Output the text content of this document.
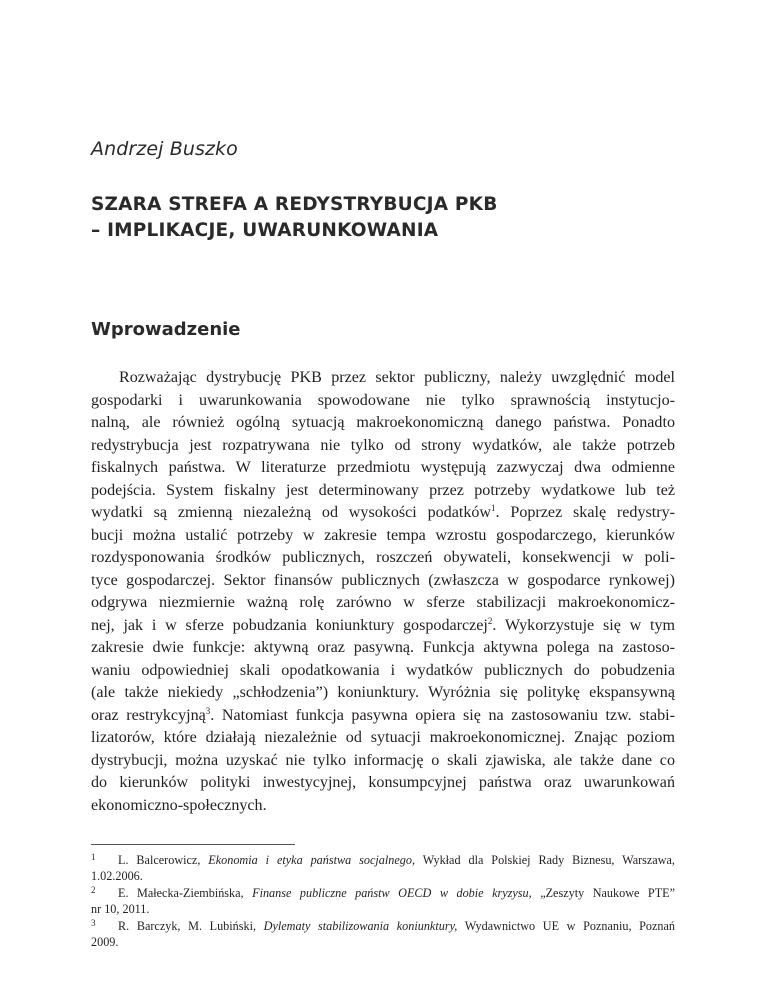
Andrzej Buszko
SZARA STREFA A REDYSTRYBUCJA PKB
– IMPLIKACJE, UWARUNKOWANIA
Wprowadzenie
Rozważając dystrybucję PKB przez sektor publiczny, należy uwzględnić model
gospodarki i uwarunkowania spowodowane nie tylko sprawnością instytucjo-
nalną, ale również ogólną sytuacją makroekonomiczną danego państwa. Ponadto
redystrybucja jest rozpatrywana nie tylko od strony wydatków, ale także potrzeb
fiskalnych państwa. W literaturze przedmiotu występują zazwyczaj dwa odmienne
podejścia. System fiskalny jest determinowany przez potrzeby wydatkowe lub też
wydatki są zmienną niezależną od wysokości podatków$^1$. Poprzez skalę redystry-
bucji można ustalić potrzeby w zakresie tempa wzrostu gospodarczego, kierunków
rozdysponowania środków publicznych, roszczeń obywateli, konsekwencji w poli-
tyce gospodarczej. Sektor finansów publicznych (zwłaszcza w gospodarce rynkowej)
odgrywa niezmiernie ważną rolę zarówno w sferze stabilizacji makroekonomicz-
nej, jak i w sferze pobudzania koniunktury gospodarczej$^2$. Wykorzystuje się w tym
zakresie dwie funkcje: aktywną oraz pasywną. Funkcja aktywna polega na zastoso-
waniu odpowiedniej skali opodatkowania i wydatków publicznych do pobudzenia
(ale także niekiedy „schłodzenia”) koniunktury. Wyróżnia się politykę ekspansywną
oraz restrykcyjną$^3$. Natomiast funkcja pasywna opiera się na zastosowaniu tzw. stabi-
lizatorów, które działają niezależnie od sytuacji makroekonomicznej. Znając poziom
dystrybucji, można uzyskać nie tylko informację o skali zjawiska, ale także dane co
do kierunków polityki inwestycyjnej, konsumpcyjnej państwa oraz uwarunkowań
ekonomiczno-społecznych.
1 L. Balcerowicz, Ekonomia i etyka państwa socjalnego, Wykład dla Polskiej Rady Biznesu, Warszawa,
1.02.2006.
2 E. Małecka-Ziembińska, Finanse publiczne państw OECD w dobie kryzysu, „Zeszyty Naukowe PTE”
nr 10, 2011.
3 R. Barczyk, M. Lubiński, Dylematy stabilizowania koniunktury, Wydawnictwo UE w Poznaniu, Poznań
2009.
